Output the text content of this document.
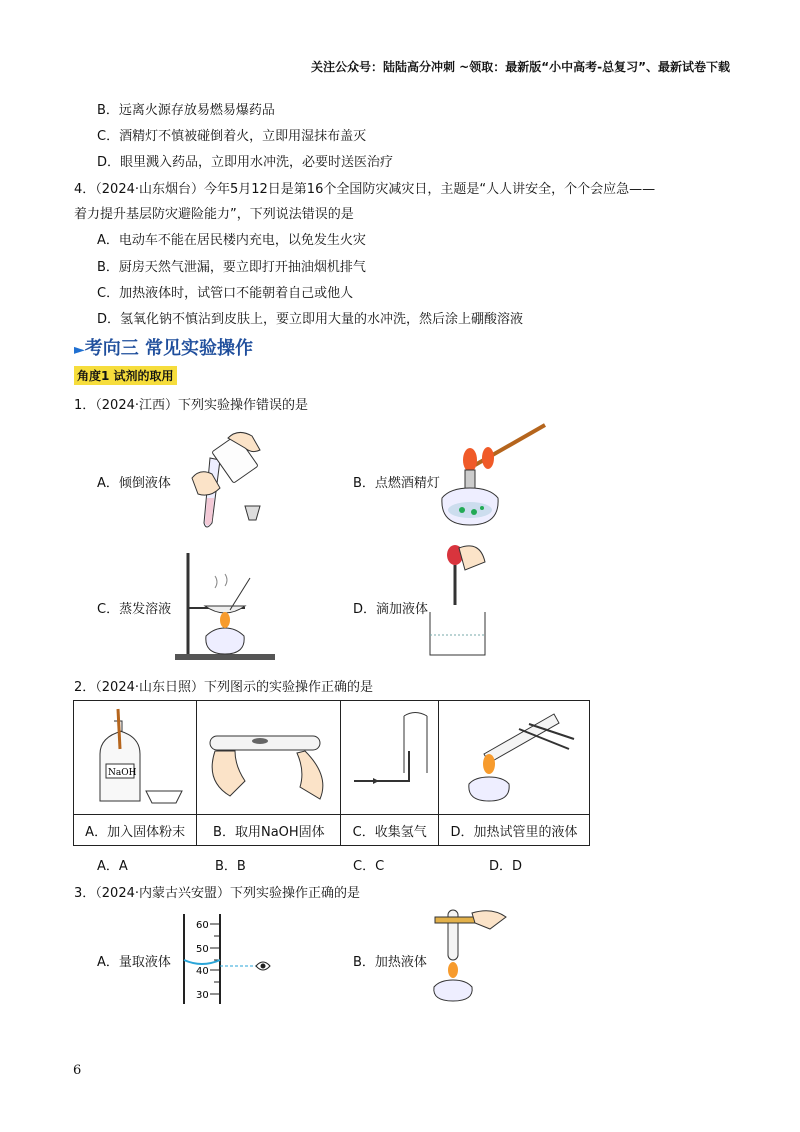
关注公众号：陆陆高分冲刺 ~领取：最新版“小中高考-总复习”、最新试卷下载
B．远离火源存放易燃易爆药品
C．酒精灯不慎被碰倒着火，立即用湿抹布盖灭
D．眼里溅入药品，立即用水冲洗，必要时送医治疗
4．（2024·山东烟台）今年5月12日是第16个全国防灾减灾日，主题是“人人讲安全，个个会应急——
着力提升基层防灾避险能力”，下列说法错误的是
A．电动车不能在居民楼内充电，以免发生火灾
B．厨房天然气泄漏，要立即打开抽油烟机排气
C．加热液体时，试管口不能朝着自己或他人
D．氢氧化钠不慎沾到皮肤上，要立即用大量的水冲洗，然后涂上硼酸溶液
►考向三 常见实验操作
角度1 试剂的取用
1．（2024·江西）下列实验操作错误的是
A．倾倒液体	B．点燃酒精灯
C．蒸发溶液	D．滴加液体
2．（2024·山东日照）下列图示的实验操作正确的是
NaOH

A．加入固体粉末	B．取用NaOH固体	C．收集氢气	D．加热试管里的液体
A．A	B．B	C．C	D．D
3．（2024·内蒙古兴安盟）下列实验操作正确的是
A．量取液体	B．加热液体
60
50
40
30
6
